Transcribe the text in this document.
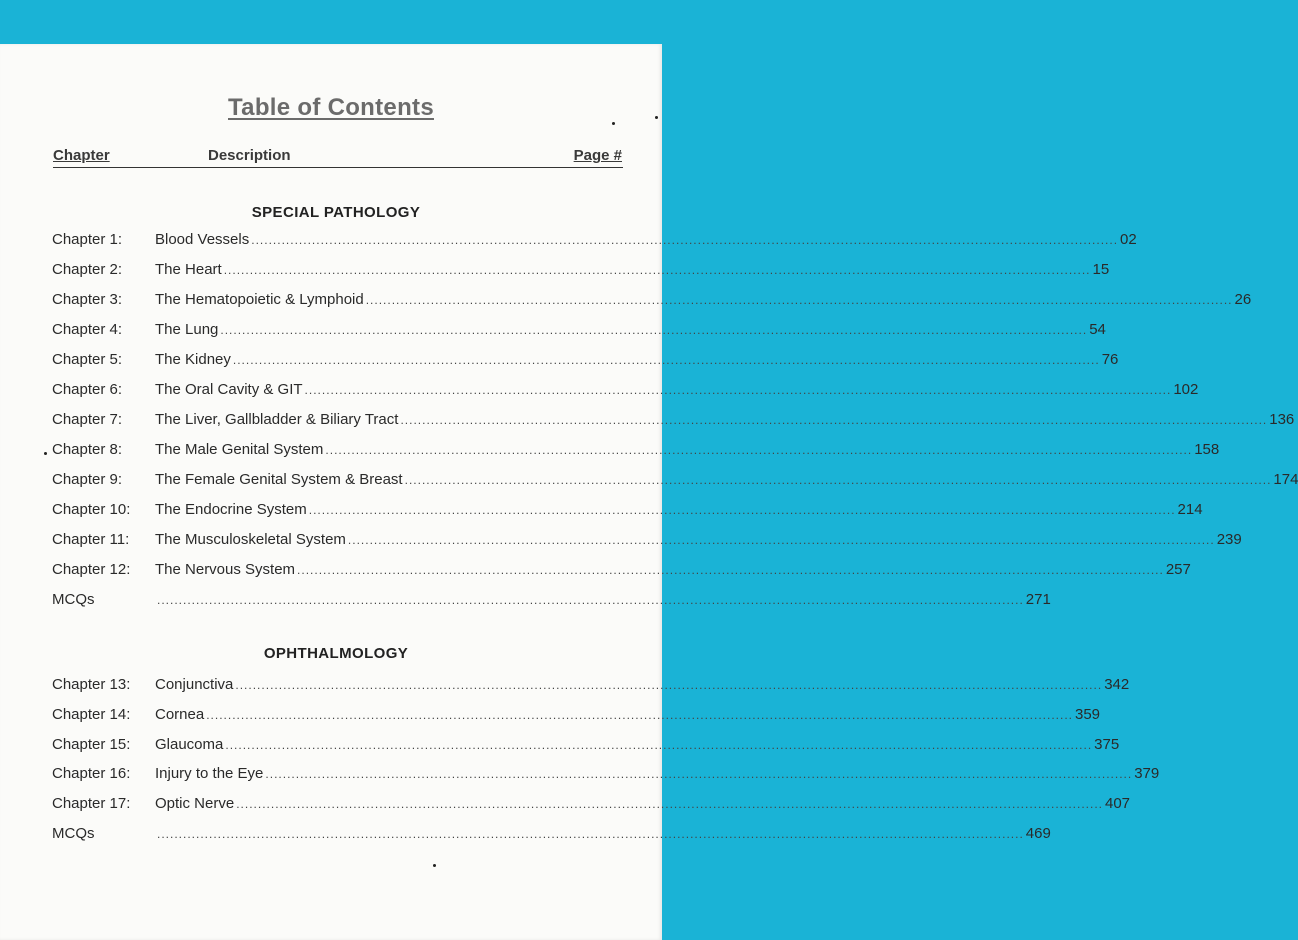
Table of Contents
Chapter	Description	Page #
SPECIAL PATHOLOGY
Chapter 1:	Blood Vessels ........................................................................................................................................................................................................ 02
Chapter 2:	The Heart ........................................................................................................................................................................................................ 15
Chapter 3:	The Hematopoietic & Lymphoid ........................................................................................................................................................................................................ 26
Chapter 4:	The Lung ........................................................................................................................................................................................................ 54
Chapter 5:	The Kidney ........................................................................................................................................................................................................ 76
Chapter 6:	The Oral Cavity & GIT ........................................................................................................................................................................................................ 102
Chapter 7:	The Liver, Gallbladder & Biliary Tract ........................................................................................................................................................................................................ 136
Chapter 8:	The Male Genital System ........................................................................................................................................................................................................ 158
Chapter 9:	The Female Genital System & Breast ........................................................................................................................................................................................................ 174
Chapter 10:	The Endocrine System ........................................................................................................................................................................................................ 214
Chapter 11:	The Musculoskeletal System ........................................................................................................................................................................................................ 239
Chapter 12:	The Nervous System ........................................................................................................................................................................................................ 257
MCQs	........................................................................................................................................................................................................ 271
OPHTHALMOLOGY
Chapter 13:	Conjunctiva ........................................................................................................................................................................................................ 342
Chapter 14:	Cornea ........................................................................................................................................................................................................ 359
Chapter 15:	Glaucoma ........................................................................................................................................................................................................ 375
Chapter 16:	Injury to the Eye ........................................................................................................................................................................................................ 379
Chapter 17:	Optic Nerve ........................................................................................................................................................................................................ 407
MCQs	........................................................................................................................................................................................................ 469
